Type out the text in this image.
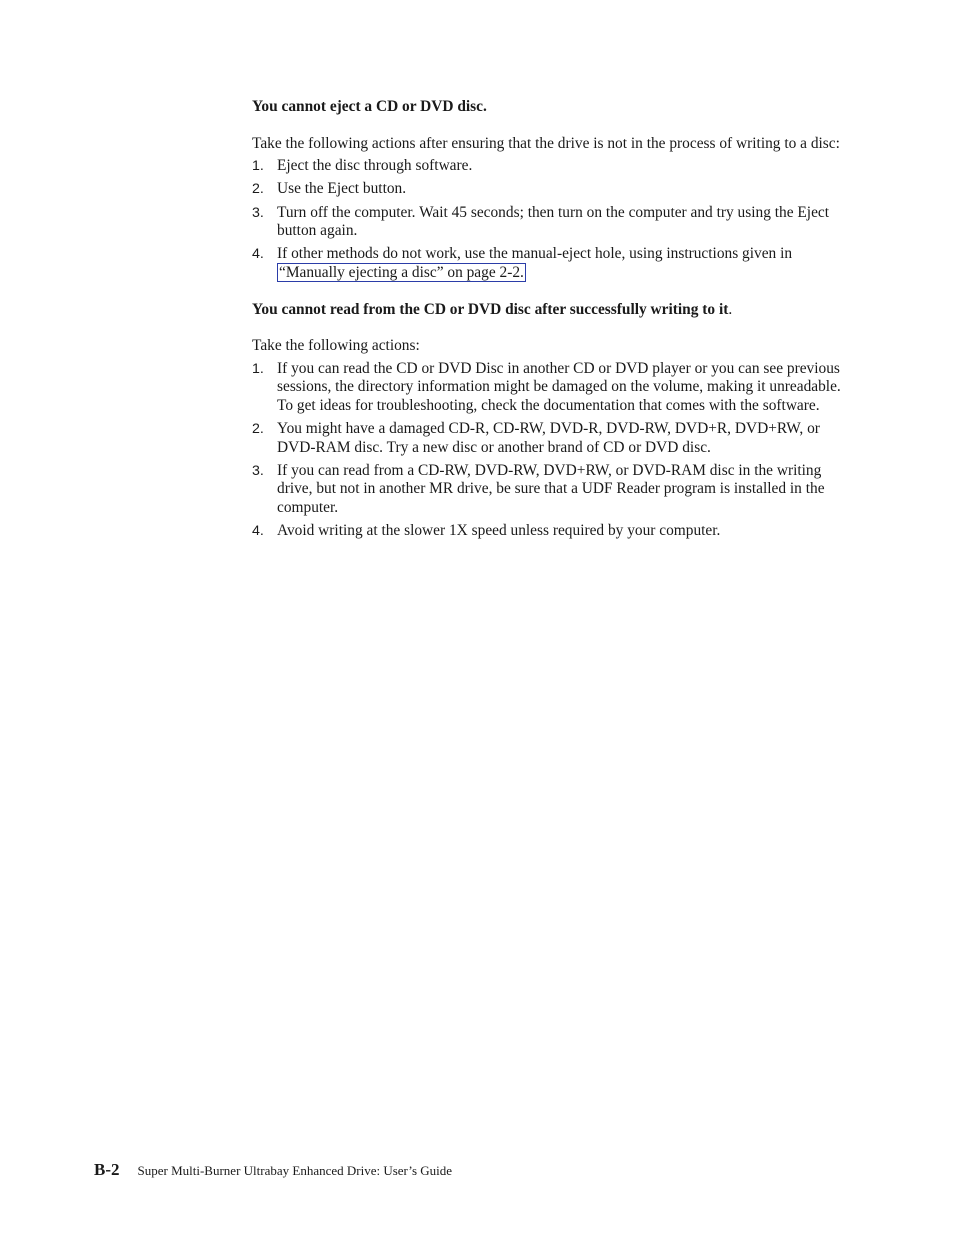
You cannot eject a CD or DVD disc.

Take the following actions after ensuring that the drive is not in the process of writing to a disc:

1. Eject the disc through software.
2. Use the Eject button.
3. Turn off the computer. Wait 45 seconds; then turn on the computer and try using the Eject button again.
4. If other methods do not work, use the manual-eject hole, using instructions given in “Manually ejecting a disc” on page 2-2.

You cannot read from the CD or DVD disc after successfully writing to it.

Take the following actions:

1. If you can read the CD or DVD Disc in another CD or DVD player or you can see previous sessions, the directory information might be damaged on the volume, making it unreadable. To get ideas for troubleshooting, check the documentation that comes with the software.
2. You might have a damaged CD-R, CD-RW, DVD-R, DVD-RW, DVD+R, DVD+RW, or DVD-RAM disc. Try a new disc or another brand of CD or DVD disc.
3. If you can read from a CD-RW, DVD-RW, DVD+RW, or DVD-RAM disc in the writing drive, but not in another MR drive, be sure that a UDF Reader program is installed in the computer.
4. Avoid writing at the slower 1X speed unless required by your computer.
B-2 Super Multi-Burner Ultrabay Enhanced Drive: User’s Guide
